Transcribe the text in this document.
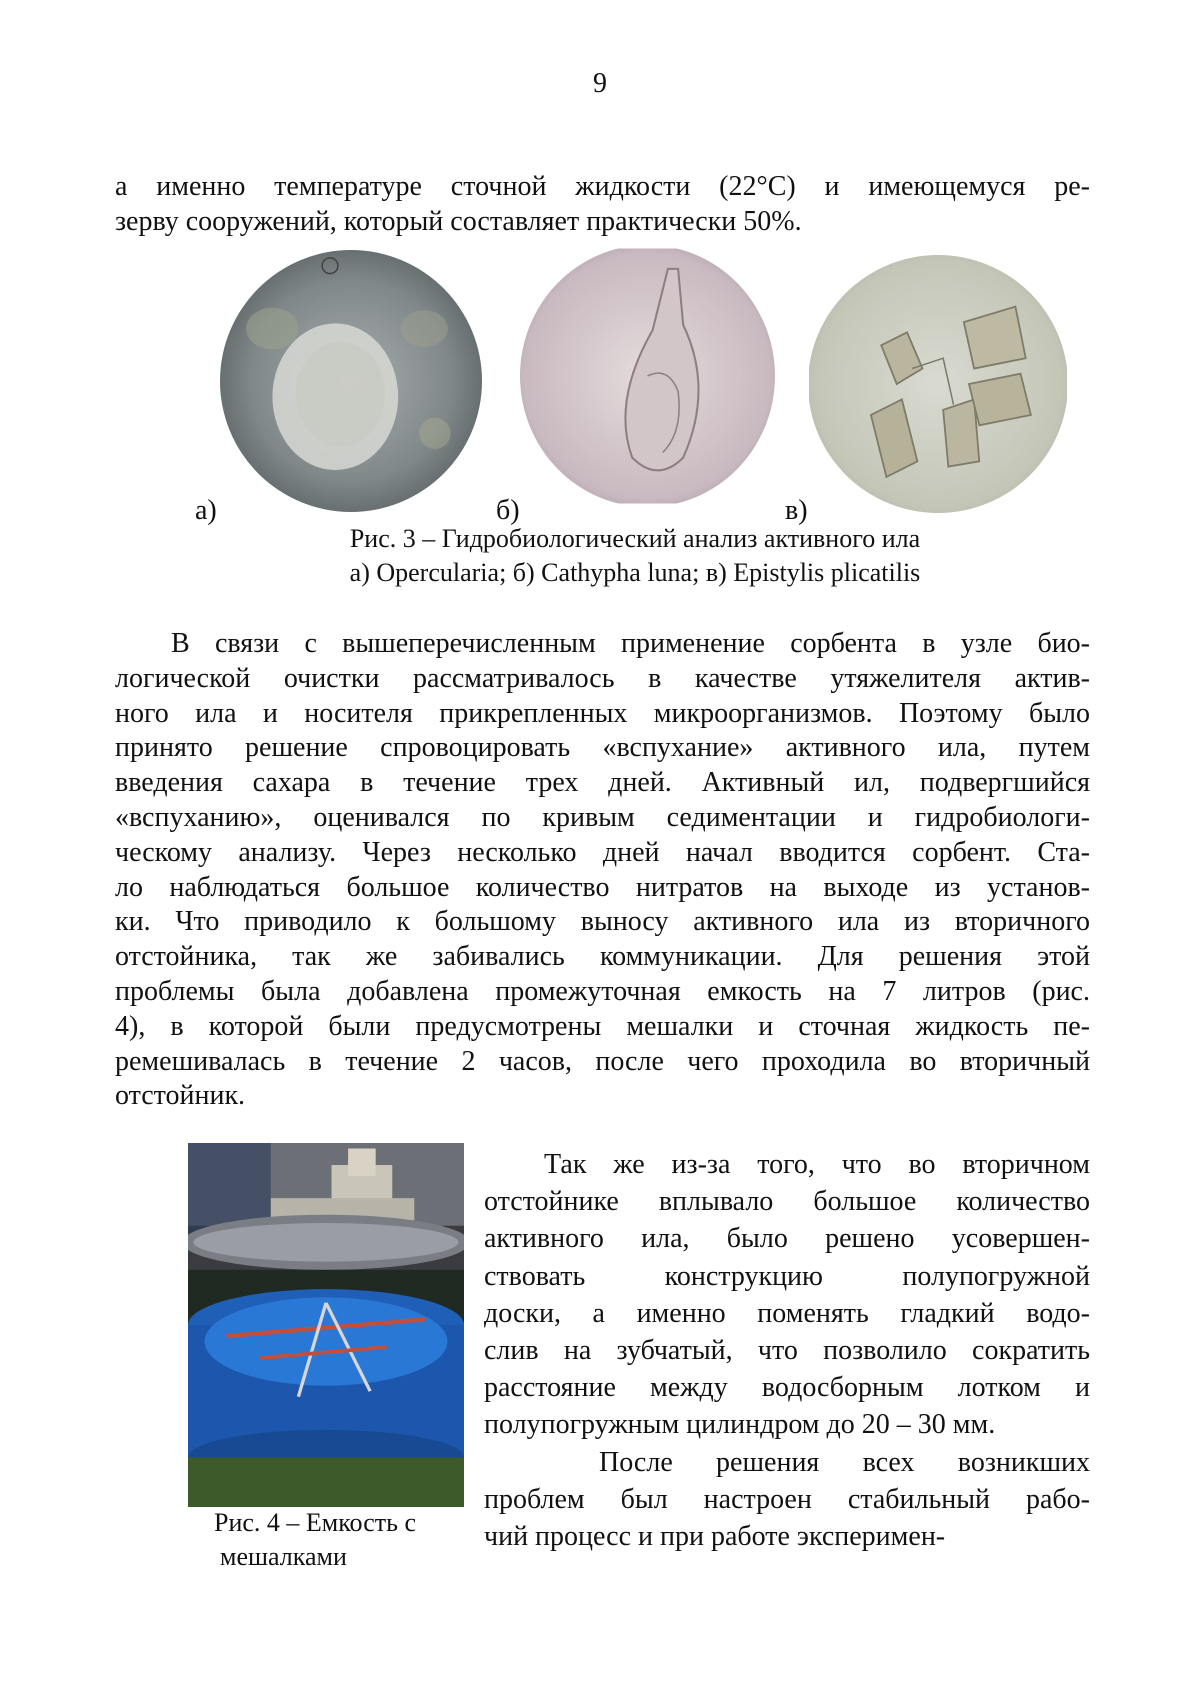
9
а именно температуре сточной жидкости (22°С) и имеющемуся ре-
зерву сооружений, который составляет практически 50%.
а)	б)	в)
Рис. 3 – Гидробиологический анализ активного ила
а) Opercularia; б) Cathypha luna; в) Epistylis plicatilis
В связи с вышеперечисленным применение сорбента в узле био-
логической очистки рассматривалось в качестве утяжелителя актив-
ного ила и носителя прикрепленных микроорганизмов. Поэтому было
принято решение спровоцировать «вспухание» активного ила, путем
введения сахара в течение трех дней. Активный ил, подвергшийся
«вспуханию», оценивался по кривым седиментации и гидробиологи-
ческому анализу. Через несколько дней начал вводится сорбент. Ста-
ло наблюдаться большое количество нитратов на выходе из установ-
ки. Что приводило к большому выносу активного ила из вторичного
отстойника, так же забивались коммуникации. Для решения этой
проблемы была добавлена промежуточная емкость на 7 литров (рис.
4), в которой были предусмотрены мешалки и сточная жидкость пе-
ремешивалась в течение 2 часов, после чего проходила во вторичный
отстойник.
Рис. 4 – Емкость с
мешалками
Так же из-за того, что во вторичном
отстойнике вплывало большое количество
активного ила, было решено усовершен-
ствовать конструкцию полупогружной
доски, а именно поменять гладкий водо-
слив на зубчатый, что позволило сократить
расстояние между водосборным лотком и
полупогружным цилиндром до 20 – 30 мм.
После решения всех возникших
проблем был настроен стабильный рабо-
чий процесс и при работе эксперимен-
